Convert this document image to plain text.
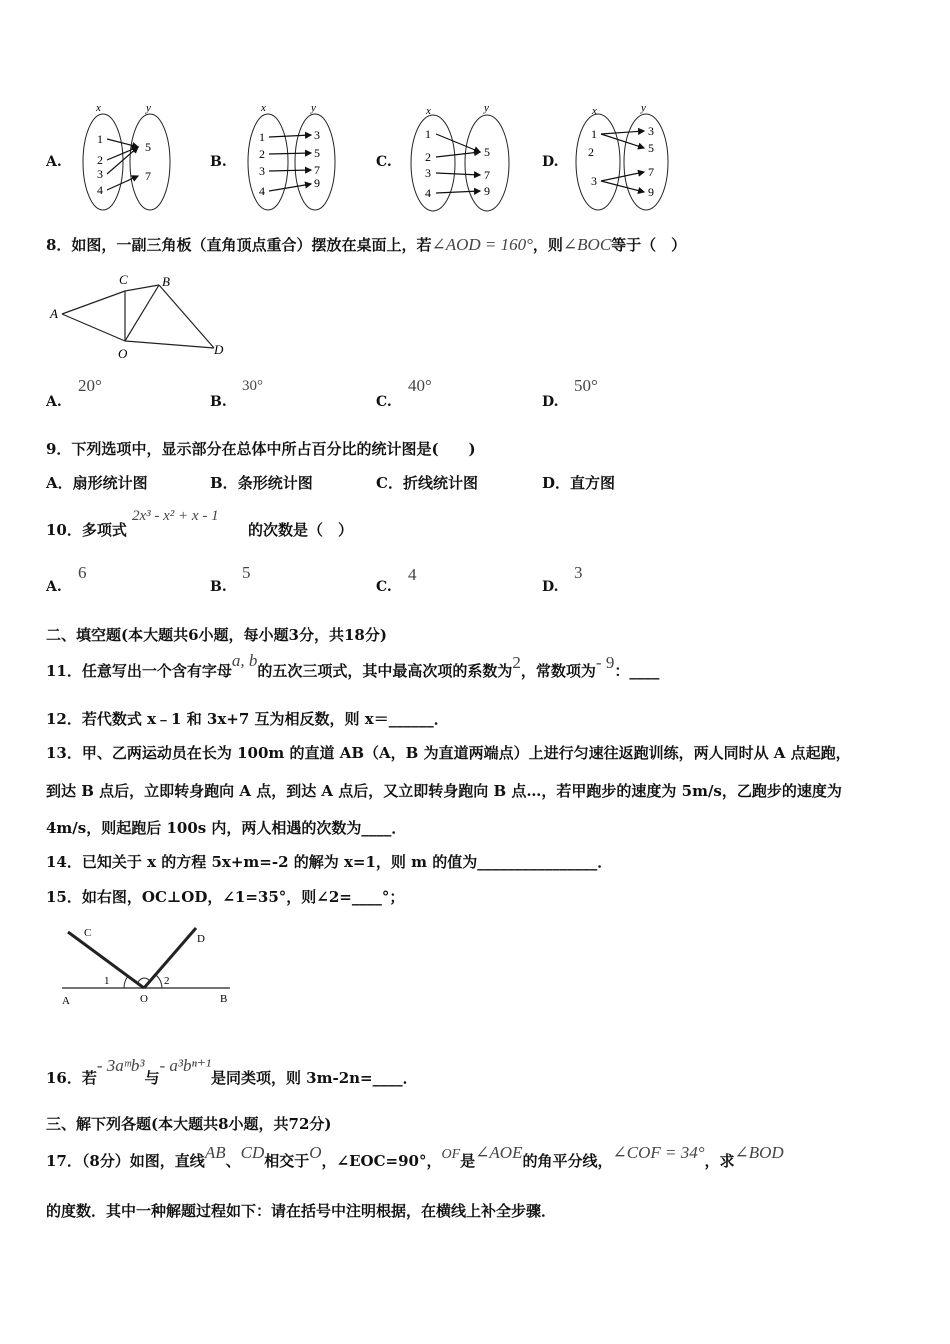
A.	B.	C.	D.
x	y
1
2
3
4
5
7
x	y
1
2
3
4
3
5
7
9
x	y
1
2
3
4
5
7
9
x	y
1
2
3
3
5
7
9
8．如图，一副三角板（直角顶点重合）摆放在桌面上，若∠AOD = 160°，则∠BOC等于（　）
A
C	B
O	D
A.
20°
B.
30°
C.
40°
D.
50°
9．下列选项中，显示部分在总体中所占百分比的统计图是(　　)
A．扇形统计图	B．条形统计图	C．折线统计图	D．直方图
10．多项式
2x³ - x² + x - 1
的次数是（　）
A.
6
B.
5
C.
4
D.
3
二、填空题(本大题共6小题，每小题3分，共18分)
11．任意写出一个含有字母a, b的五次三项式，其中最高次项的系数为2，常数项为- 9：____
12．若代数式 x﹣1 和 3x+7 互为相反数，则 x＝______．
13．甲、乙两运动员在长为 100m 的直道 AB（A，B 为直道两端点）上进行匀速往返跑训练，两人同时从 A 点起跑，
到达 B 点后，立即转身跑向 A 点，到达 A 点后，又立即转身跑向 B 点…，若甲跑步的速度为 5m/s，乙跑步的速度为
4m/s，则起跑后 100s 内，两人相遇的次数为____．
14．已知关于 x 的方程 5x+m=-2 的解为 x=1，则 m 的值为________________．
15．如右图，OC⊥OD，∠1=35°，则∠2=____°；
C	D
A	O	B
1	2
16．若- 3aᵐb³与- a³bⁿ⁺¹是同类项，则 3m-2n=____．
三、解下列各题(本大题共8小题，共72分)
17．（8分）如图，直线AB、CD相交于O，∠EOC=90°，OF是∠AOE的角平分线，∠COF = 34°，求∠BOD
的度数．其中一种解题过程如下：请在括号中注明根据，在横线上补全步骤．
